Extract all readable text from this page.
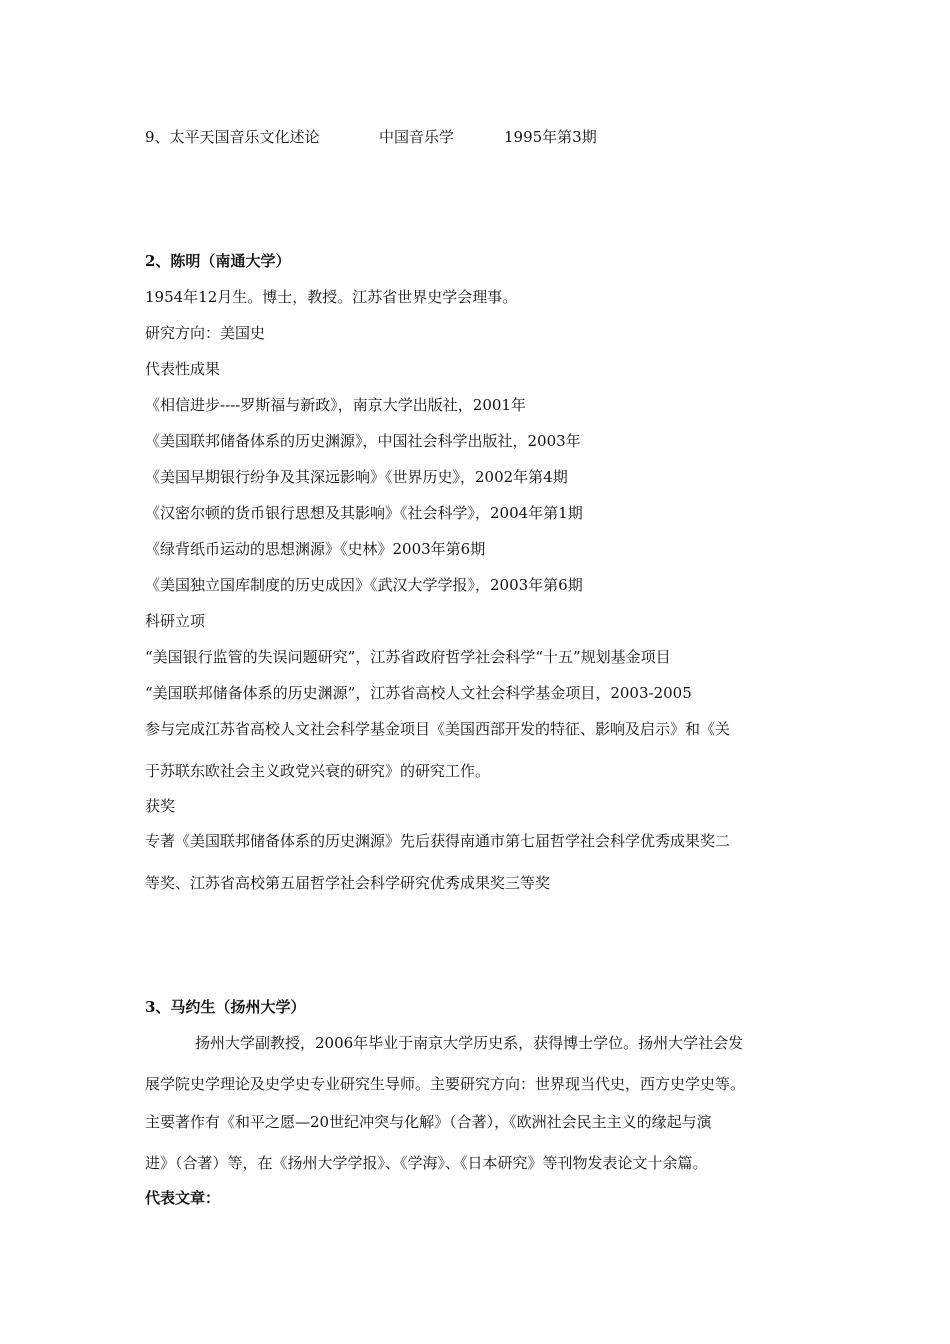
9、太平天国音乐文化述论	中国音乐学	1995年第3期
2、陈明（南通大学）
1954年12月生。博士，教授。江苏省世界史学会理事。
研究方向：美国史
代表性成果
《相信进步----罗斯福与新政》，南京大学出版社，2001年
《美国联邦储备体系的历史渊源》，中国社会科学出版社，2003年
《美国早期银行纷争及其深远影响》《世界历史》，2002年第4期
《汉密尔顿的货币银行思想及其影响》《社会科学》，2004年第1期
《绿背纸币运动的思想渊源》《史林》2003年第6期
《美国独立国库制度的历史成因》《武汉大学学报》，2003年第6期
科研立项
“美国银行监管的失误问题研究”，江苏省政府哲学社会科学“十五”规划基金项目
“美国联邦储备体系的历史渊源”，江苏省高校人文社会科学基金项目，2003-2005
参与完成江苏省高校人文社会科学基金项目《美国西部开发的特征、影响及启示》和《关
于苏联东欧社会主义政党兴衰的研究》的研究工作。
获奖
专著《美国联邦储备体系的历史渊源》先后获得南通市第七届哲学社会科学优秀成果奖二
等奖、江苏省高校第五届哲学社会科学研究优秀成果奖三等奖
3、马约生（扬州大学）
扬州大学副教授，2006年毕业于南京大学历史系，获得博士学位。扬州大学社会发
展学院史学理论及史学史专业研究生导师。主要研究方向：世界现当代史，西方史学史等。
主要著作有《和平之愿—20世纪冲突与化解》（合著），《欧洲社会民主主义的缘起与演
进》（合著）等，在《扬州大学学报》、《学海》、《日本研究》等刊物发表论文十余篇。
代表文章：
